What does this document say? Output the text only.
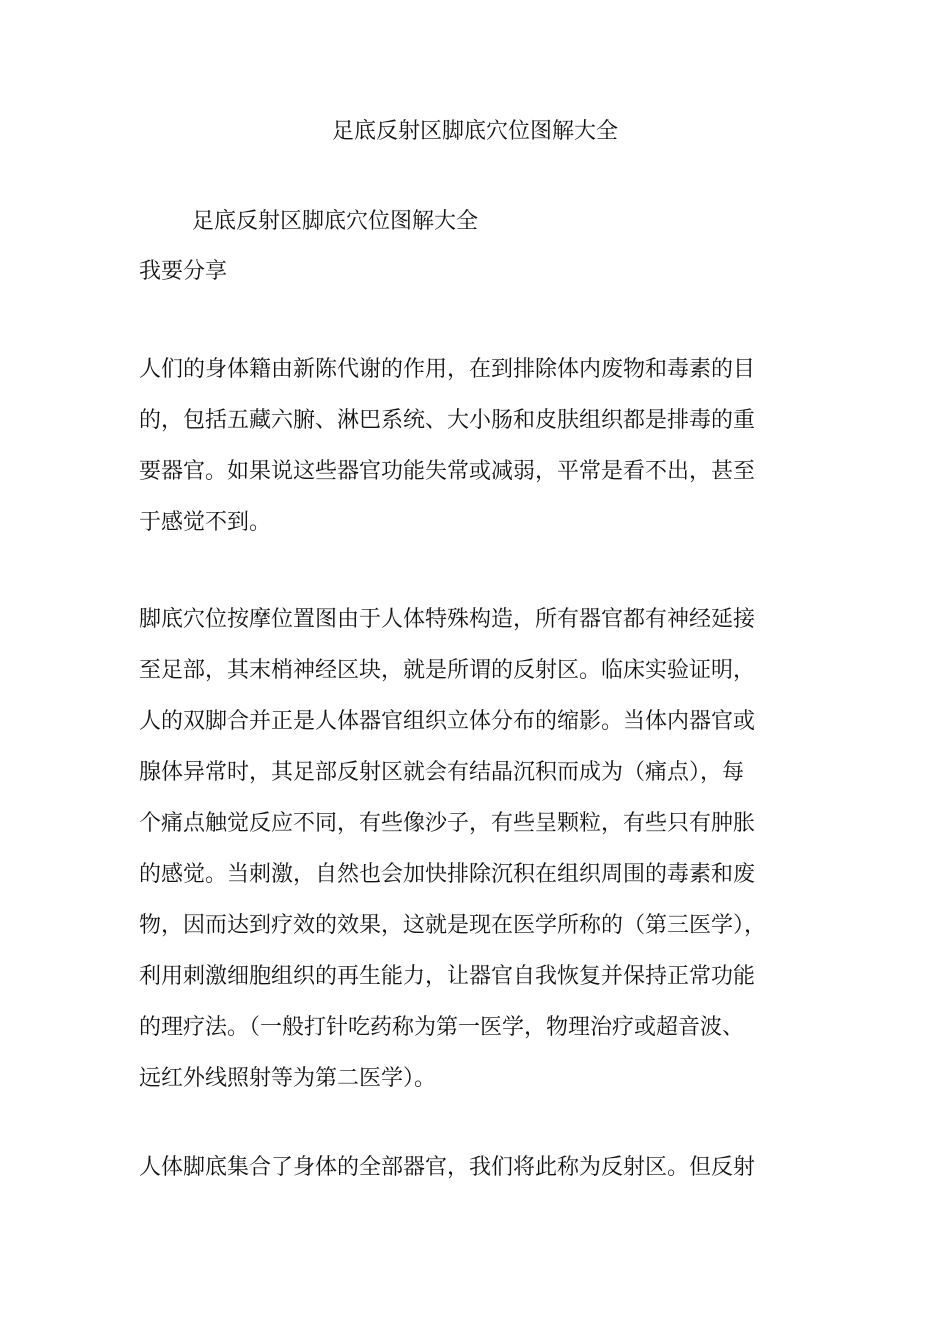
足底反射区脚底穴位图解大全

足底反射区脚底穴位图解大全

我要分享

人们的身体籍由新陈代谢的作用，在到排除体内废物和毒素的目
的，包括五藏六腑、淋巴系统、大小肠和皮肤组织都是排毒的重
要器官。如果说这些器官功能失常或减弱，平常是看不出，甚至
于感觉不到。
脚底穴位按摩位置图由于人体特殊构造，所有器官都有神经延接
至足部，其末梢神经区块，就是所谓的反射区。临床实验证明，
人的双脚合并正是人体器官组织立体分布的缩影。当体内器官或
腺体异常时，其足部反射区就会有结晶沉积而成为（痛点），每
个痛点触觉反应不同，有些像沙子，有些呈颗粒，有些只有肿胀
的感觉。当刺激，自然也会加快排除沉积在组织周围的毒素和废
物，因而达到疗效的效果，这就是现在医学所称的（第三医学），
利用刺激细胞组织的再生能力，让器官自我恢复并保持正常功能
的理疗法。（一般打针吃药称为第一医学，物理治疗或超音波、
远红外线照射等为第二医学）。
人体脚底集合了身体的全部器官，我们将此称为反射区。但反射
